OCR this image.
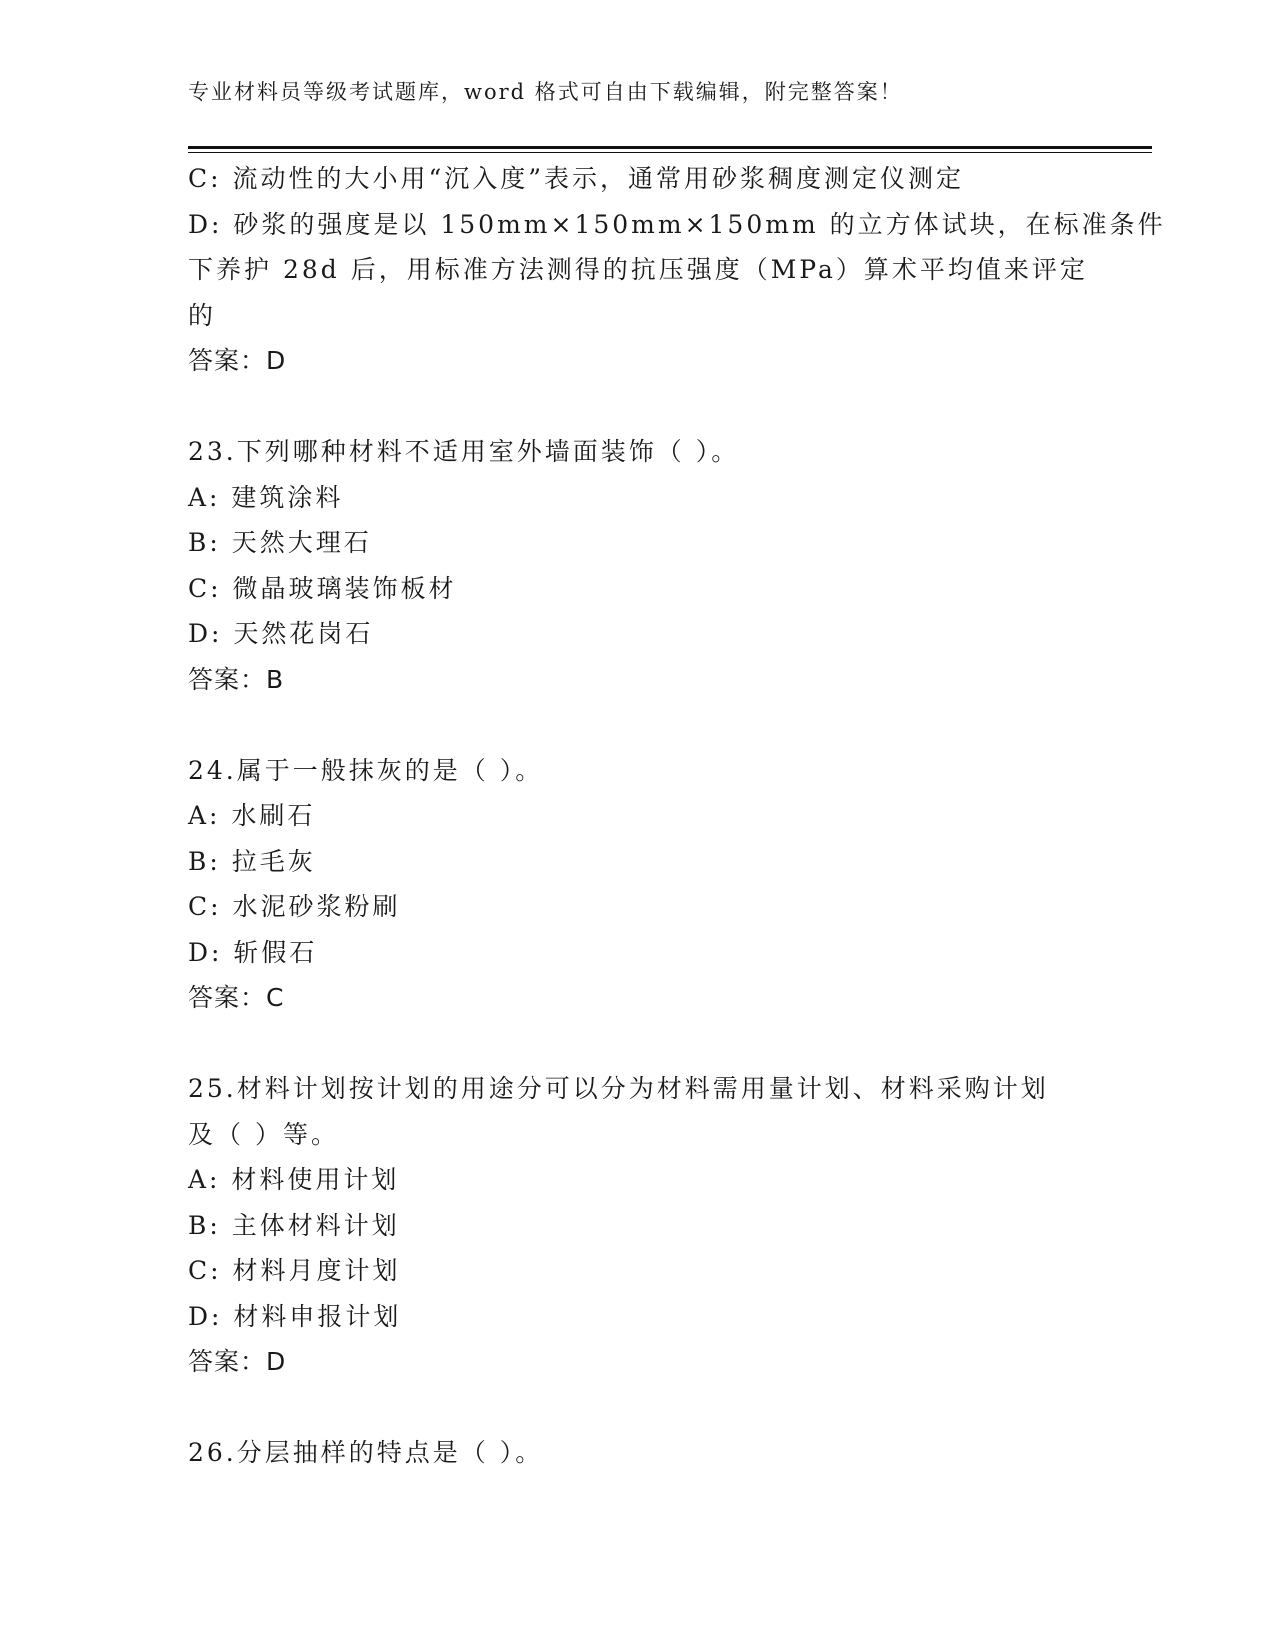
专业材料员等级考试题库，word 格式可自由下载编辑，附完整答案！
C: 流动性的大小用“沉入度”表示，通常用砂浆稠度测定仪测定
D: 砂浆的强度是以 150mm×150mm×150mm 的立方体试块，在标准条件
下养护 28d 后，用标准方法测得的抗压强度（MPa）算术平均值来评定
的
答案：D
23.下列哪种材料不适用室外墙面装饰（ ）。
A: 建筑涂料
B: 天然大理石
C: 微晶玻璃装饰板材
D: 天然花岗石
答案：B
24.属于一般抹灰的是（ ）。
A: 水刷石
B: 拉毛灰
C: 水泥砂浆粉刷
D: 斩假石
答案：C
25.材料计划按计划的用途分可以分为材料需用量计划、材料采购计划
及（ ）等。
A: 材料使用计划
B: 主体材料计划
C: 材料月度计划
D: 材料申报计划
答案：D
26.分层抽样的特点是（ ）。
